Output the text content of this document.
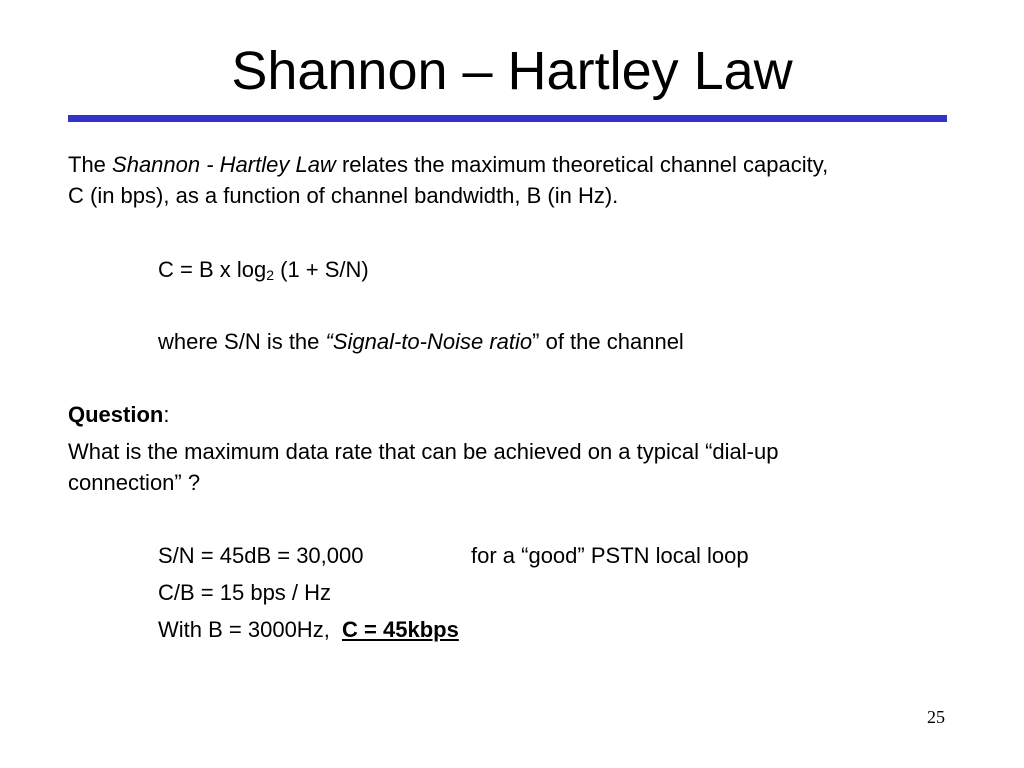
Shannon – Hartley Law
The Shannon - Hartley Law relates the maximum theoretical channel capacity,
C (in bps), as a function of channel bandwidth, B (in Hz).
C = B x $\log_2 (1 + S/N)$
where S/N is the “Signal-to-Noise ratio” of the channel
Question:
What is the maximum data rate that can be achieved on a typical “dial-up
connection” ?
S/N = 45dB = 30,000	for a “good” PSTN local loop
C/B = 15 bps / Hz
With B = 3000Hz,  C = 45kbps
25
